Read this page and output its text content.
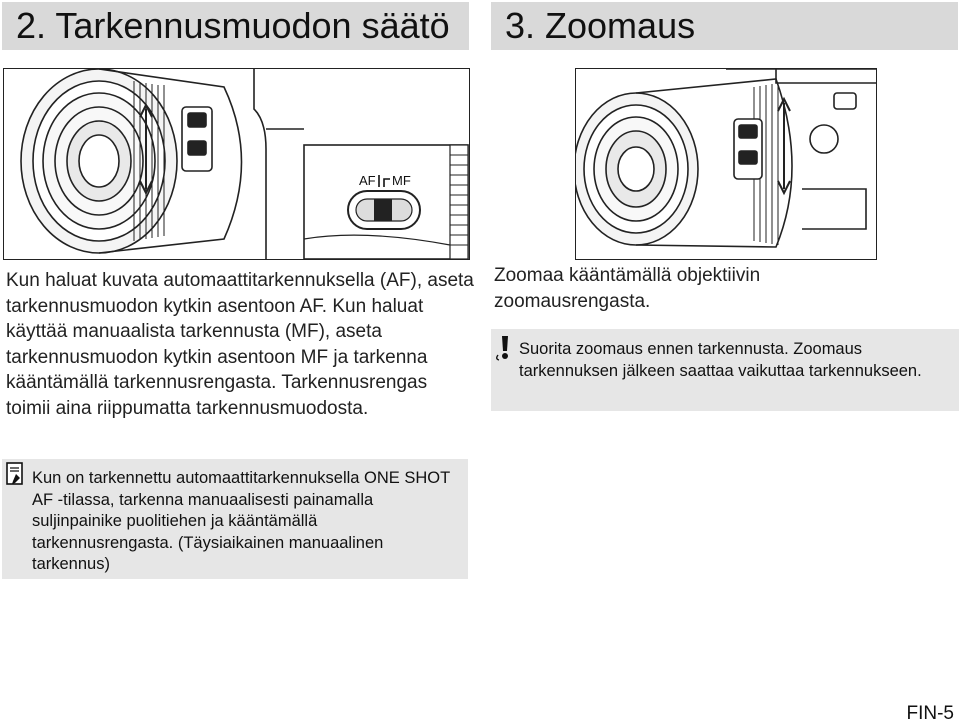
2. Tarkennusmuodon säätö 3. Zoomaus
AF MF

Kun haluat kuvata automaattitarkennuksella (AF), aseta tarkennusmuodon kytkin asentoon AF. Kun haluat käyttää manuaalista tarkennusta (MF), aseta tarkennusmuodon kytkin asentoon MF ja tarkenna kääntämällä tarkennusrengasta. Tarkennusrengas toimii aina riippumatta tarkennusmuodosta.

Zoomaa kääntämällä objektiivin zoomausrengasta.

Suorita zoomaus ennen tarkennusta. Zoomaus tarkennuksen jälkeen saattaa vaikuttaa tarkennukseen.

Kun on tarkennettu automaattitarkennuksella ONE SHOT AF -tilassa, tarkenna manuaalisesti painamalla suljinpainike puolitiehen ja kääntämällä tarkennusrengasta. (Täysiaikainen manuaalinen tarkennus)

FIN-5
